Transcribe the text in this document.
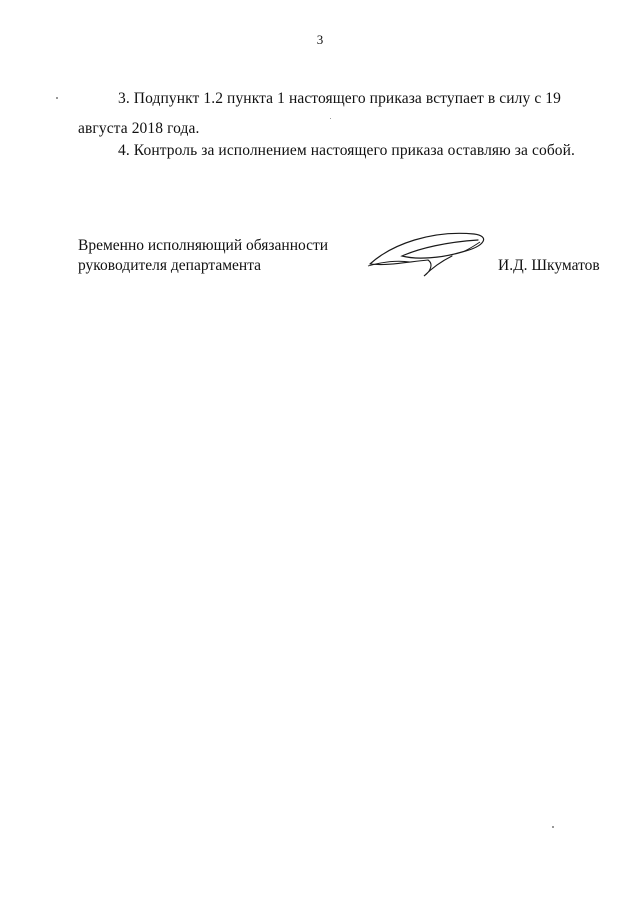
3

3. Подпункт 1.2 пункта 1 настоящего приказа вступает в силу с 19 августа 2018 года.

4. Контроль за исполнением настоящего приказа оставляю за собой.

Временно исполняющий обязанности
руководителя департамента	И.Д. Шкуматов
